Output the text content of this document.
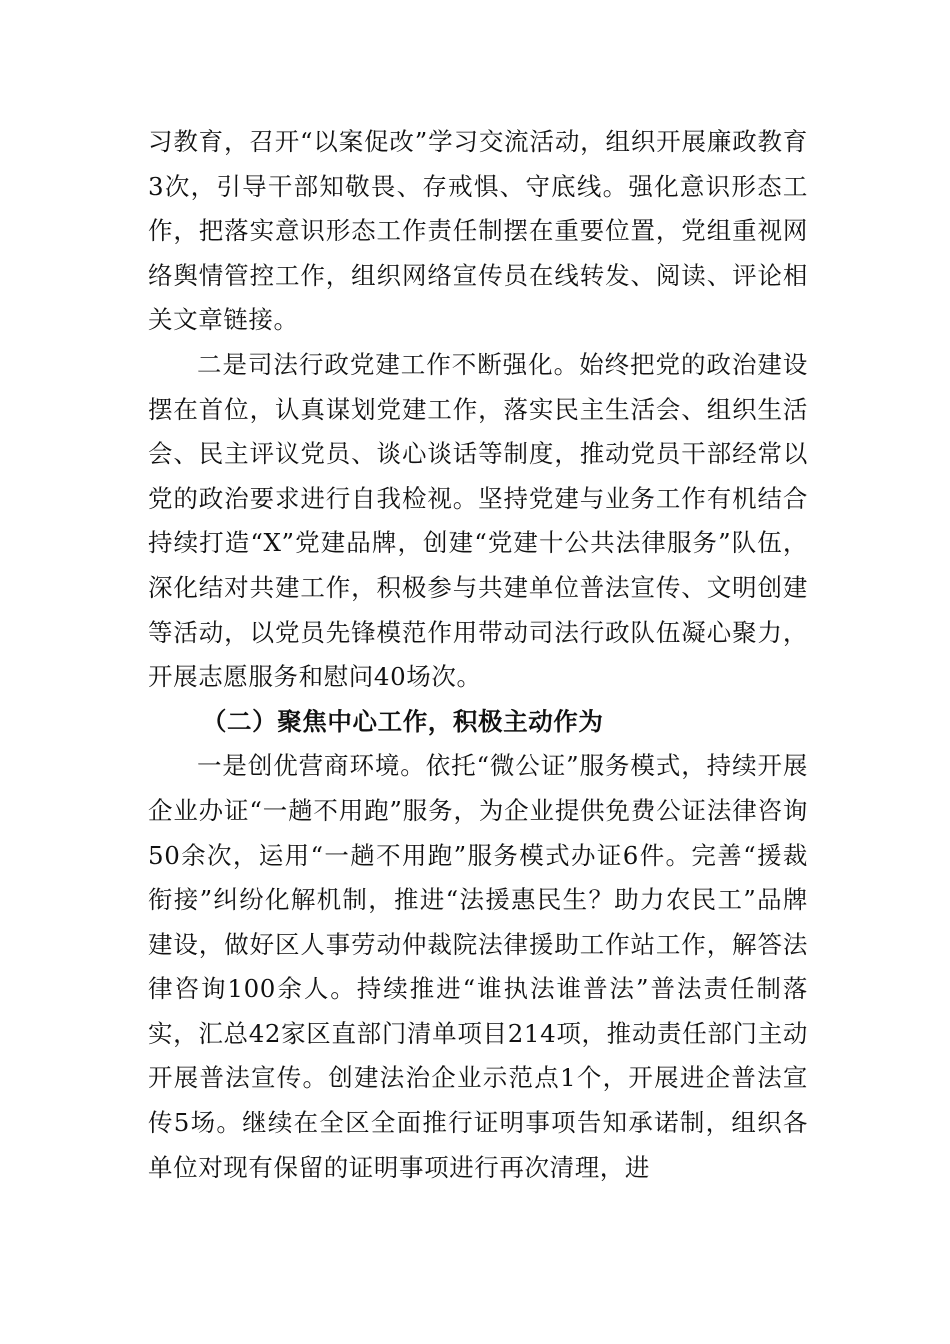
习教育，召开“以案促改”学习交流活动，组织开展廉政教育3次，引导干部知敬畏、存戒惧、守底线。强化意识形态工作，把落实意识形态工作责任制摆在重要位置，党组重视网络舆情管控工作，组织网络宣传员在线转发、阅读、评论相关文章链接。

二是司法行政党建工作不断强化。始终把党的政治建设摆在首位，认真谋划党建工作，落实民主生活会、组织生活会、民主评议党员、谈心谈话等制度，推动党员干部经常以党的政治要求进行自我检视。坚持党建与业务工作有机结合持续打造“X”党建品牌，创建“党建十公共法律服务”队伍，深化结对共建工作，积极参与共建单位普法宣传、文明创建等活动，以党员先锋模范作用带动司法行政队伍凝心聚力，开展志愿服务和慰问40场次。

（二）聚焦中心工作，积极主动作为

一是创优营商环境。依托“微公证”服务模式，持续开展企业办证“一趟不用跑”服务，为企业提供免费公证法律咨询50余次，运用“一趟不用跑”服务模式办证6件。完善“援裁衔接”纠纷化解机制，推进“法援惠民生？助力农民工”品牌建设，做好区人事劳动仲裁院法律援助工作站工作，解答法律咨询100余人。持续推进“谁执法谁普法”普法责任制落实，汇总42家区直部门清单项目214项，推动责任部门主动开展普法宣传。创建法治企业示范点1个，开展进企普法宣传5场。继续在全区全面推行证明事项告知承诺制，组织各单位对现有保留的证明事项进行再次清理，进
